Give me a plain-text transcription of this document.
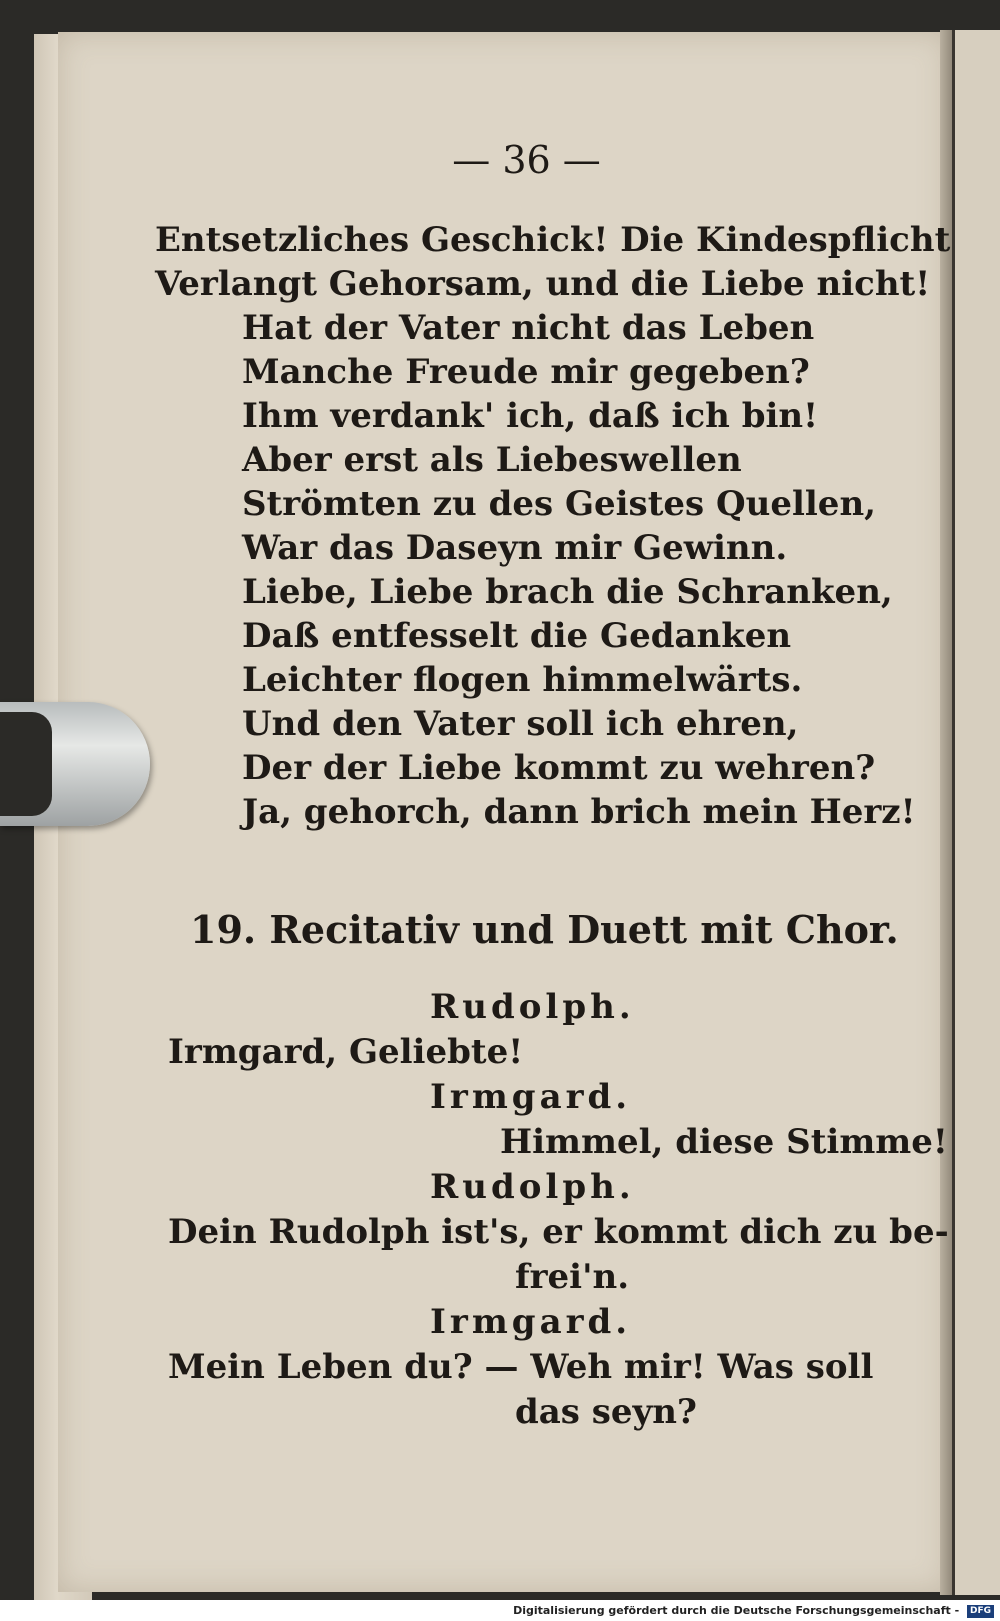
— 36 —
Entsetzliches Geschick! Die Kindespflicht
Verlangt Gehorsam, und die Liebe nicht!
Hat der Vater nicht das Leben
Manche Freude mir gegeben?
Ihm verdank' ich, daß ich bin!
Aber erst als Liebeswellen
Strömten zu des Geistes Quellen,
War das Daseyn mir Gewinn.
Liebe, Liebe brach die Schranken,
Daß entfesselt die Gedanken
Leichter flogen himmelwärts.
Und den Vater soll ich ehren,
Der der Liebe kommt zu wehren?
Ja, gehorch, dann brich mein Herz!
19. Recitativ und Duett mit Chor.
Rudolph.
Irmgard, Geliebte!
Irmgard.
Himmel, diese Stimme!
Rudolph.
Dein Rudolph ist's, er kommt dich zu be-
frei'n.
Irmgard.
Mein Leben du? — Weh mir! Was soll
das seyn?
Digitalisierung gefördert durch die Deutsche Forschungsgemeinschaft - DFG
